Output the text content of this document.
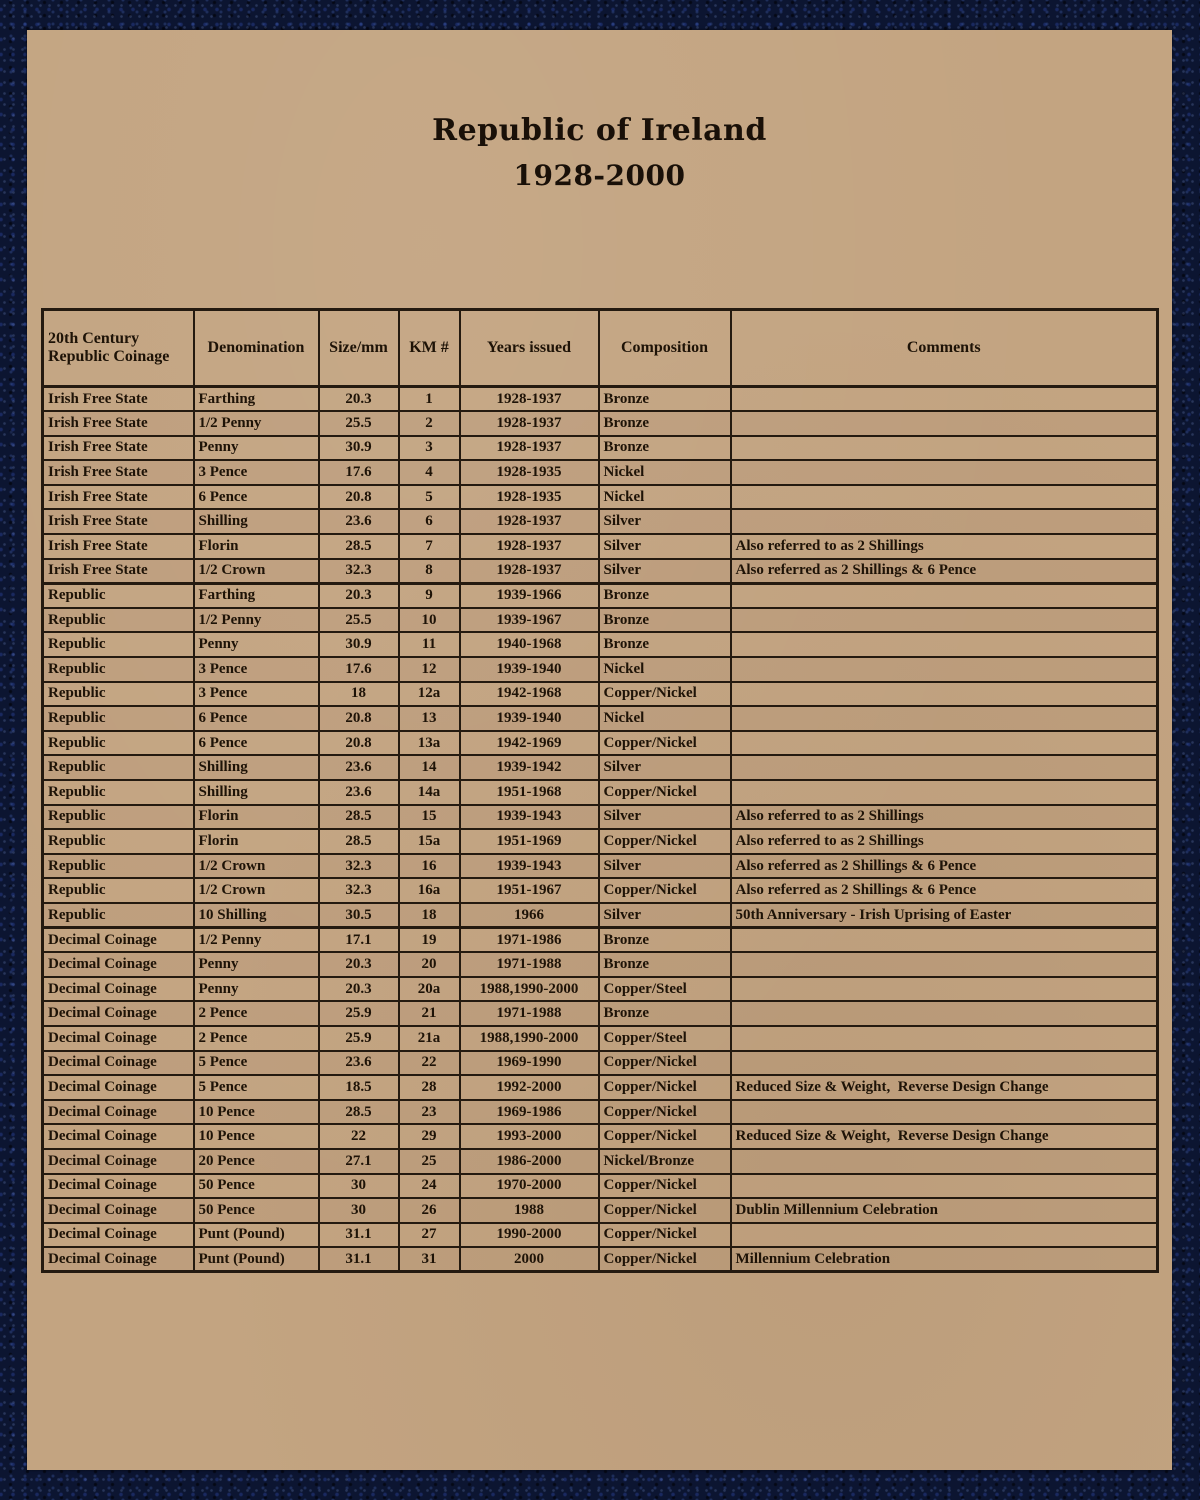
Republic of Ireland
1928-2000
20th Century Republic Coinage	Denomination	Size/mm	KM #	Years issued	Composition	Comments
Irish Free State	Farthing	20.3	1	1928-1937	Bronze	
Irish Free State	1/2 Penny	25.5	2	1928-1937	Bronze	
Irish Free State	Penny	30.9	3	1928-1937	Bronze	
Irish Free State	3 Pence	17.6	4	1928-1935	Nickel	
Irish Free State	6 Pence	20.8	5	1928-1935	Nickel	
Irish Free State	Shilling	23.6	6	1928-1937	Silver	
Irish Free State	Florin	28.5	7	1928-1937	Silver	Also referred to as 2 Shillings
Irish Free State	1/2 Crown	32.3	8	1928-1937	Silver	Also referred as 2 Shillings & 6 Pence
Republic	Farthing	20.3	9	1939-1966	Bronze	
Republic	1/2 Penny	25.5	10	1939-1967	Bronze	
Republic	Penny	30.9	11	1940-1968	Bronze	
Republic	3 Pence	17.6	12	1939-1940	Nickel	
Republic	3 Pence	18	12a	1942-1968	Copper/Nickel	
Republic	6 Pence	20.8	13	1939-1940	Nickel	
Republic	6 Pence	20.8	13a	1942-1969	Copper/Nickel	
Republic	Shilling	23.6	14	1939-1942	Silver	
Republic	Shilling	23.6	14a	1951-1968	Copper/Nickel	
Republic	Florin	28.5	15	1939-1943	Silver	Also referred to as 2 Shillings
Republic	Florin	28.5	15a	1951-1969	Copper/Nickel	Also referred to as 2 Shillings
Republic	1/2 Crown	32.3	16	1939-1943	Silver	Also referred as 2 Shillings & 6 Pence
Republic	1/2 Crown	32.3	16a	1951-1967	Copper/Nickel	Also referred as 2 Shillings & 6 Pence
Republic	10 Shilling	30.5	18	1966	Silver	50th Anniversary - Irish Uprising of Easter
Decimal Coinage	1/2 Penny	17.1	19	1971-1986	Bronze	
Decimal Coinage	Penny	20.3	20	1971-1988	Bronze	
Decimal Coinage	Penny	20.3	20a	1988,1990-2000	Copper/Steel	
Decimal Coinage	2 Pence	25.9	21	1971-1988	Bronze	
Decimal Coinage	2 Pence	25.9	21a	1988,1990-2000	Copper/Steel	
Decimal Coinage	5 Pence	23.6	22	1969-1990	Copper/Nickel	
Decimal Coinage	5 Pence	18.5	28	1992-2000	Copper/Nickel	Reduced Size & Weight,  Reverse Design Change
Decimal Coinage	10 Pence	28.5	23	1969-1986	Copper/Nickel	
Decimal Coinage	10 Pence	22	29	1993-2000	Copper/Nickel	Reduced Size & Weight,  Reverse Design Change
Decimal Coinage	20 Pence	27.1	25	1986-2000	Nickel/Bronze	
Decimal Coinage	50 Pence	30	24	1970-2000	Copper/Nickel	
Decimal Coinage	50 Pence	30	26	1988	Copper/Nickel	Dublin Millennium Celebration
Decimal Coinage	Punt (Pound)	31.1	27	1990-2000	Copper/Nickel	
Decimal Coinage	Punt (Pound)	31.1	31	2000	Copper/Nickel	Millennium Celebration
